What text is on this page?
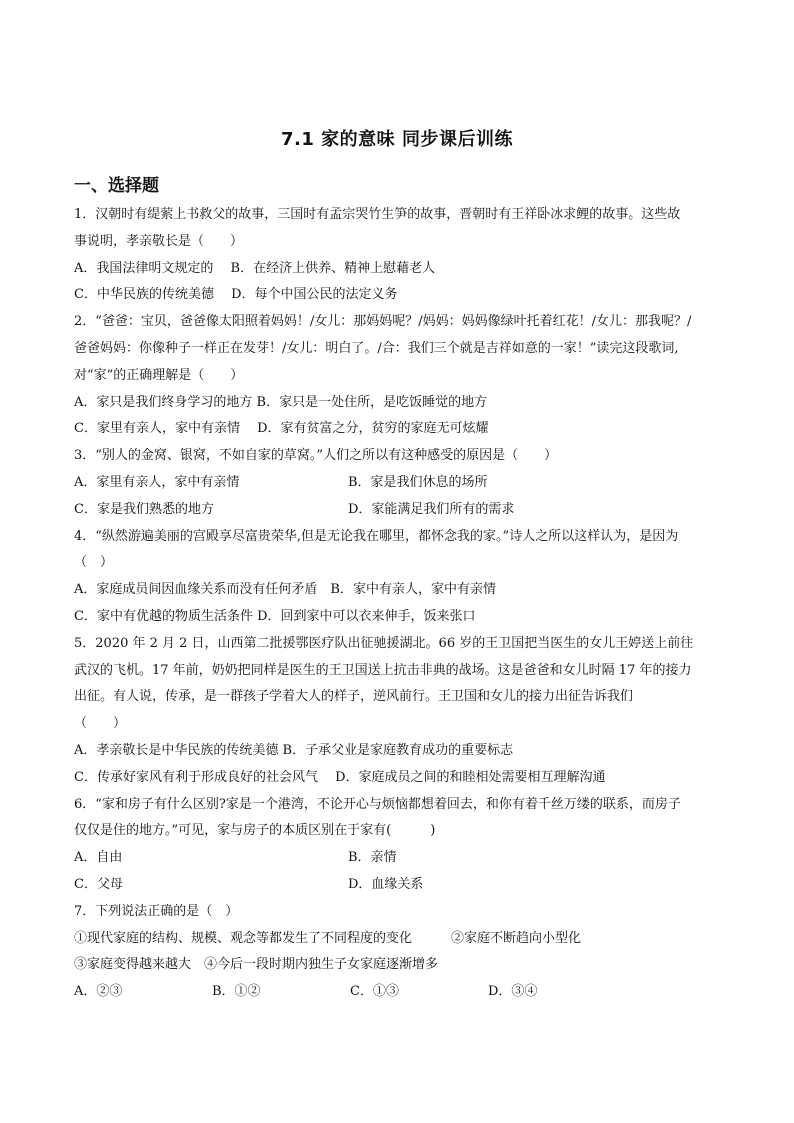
7.1 家的意味 同步课后训练
一、选择题
1．汉朝时有缇萦上书救父的故事，三国时有孟宗哭竹生笋的故事，晋朝时有王祥卧冰求鲤的故事。这些故
事说明，孝亲敬长是（　　）
A．我国法律明文规定的　 B．在经济上供养、精神上慰藉老人
C．中华民族的传统美德　 D．每个中国公民的法定义务
2．“爸爸：宝贝，爸爸像太阳照着妈妈！/女儿：那妈妈呢？/妈妈：妈妈像绿叶托着红花！/女儿：那我呢？/
爸爸妈妈：你像种子一样正在发芽！/女儿：明白了。/合：我们三个就是吉祥如意的一家！”读完这段歌词,
对“家”的正确理解是（　　）
A．家只是我们终身学习的地方 B．家只是一处住所，是吃饭睡觉的地方
C．家里有亲人，家中有亲情　 D．家有贫富之分，贫穷的家庭无可炫耀
3．“别人的金窝、银窝，不如自家的草窝。”人们之所以有这种感受的原因是（　　）
A．家里有亲人，家中有亲情	B．家是我们休息的场所
C．家是我们熟悉的地方	D．家能满足我们所有的需求
4．“纵然游遍美丽的宫殿享尽富贵荣华,但是无论我在哪里，都怀念我的家。”诗人之所以这样认为，是因为
（　）
A．家庭成员间因血缘关系而没有任何矛盾　B．家中有亲人，家中有亲情
C．家中有优越的物质生活条件 D．回到家中可以衣来伸手，饭来张口
5．2020 年 2 月 2 日，山西第二批援鄂医疗队出征驰援湖北。66 岁的王卫国把当医生的女儿王婷送上前往
武汉的飞机。17 年前，奶奶把同样是医生的王卫国送上抗击非典的战场。这是爸爸和女儿时隔 17 年的接力
出征。有人说，传承，是一群孩子学着大人的样子，逆风前行。王卫国和女儿的接力出征告诉我们
（　　）
A．孝亲敬长是中华民族的传统美德 B．子承父业是家庭教育成功的重要标志
C．传承好家风有利于形成良好的社会风气　 D．家庭成员之间的和睦相处需要相互理解沟通
6．“家和房子有什么区别?家是一个港湾，不论开心与烦恼都想着回去，和你有着千丝万缕的联系，而房子
仅仅是住的地方。”可见，家与房子的本质区别在于家有(　　　)
A．自由	B．亲情
C．父母	D．血缘关系
7．下列说法正确的是（　）
①现代家庭的结构、规模、观念等都发生了不同程度的变化　　　②家庭不断趋向小型化
③家庭变得越来越大　④今后一段时期内独生子女家庭逐渐增多
A．②③	B．①②	C．①③	D．③④
